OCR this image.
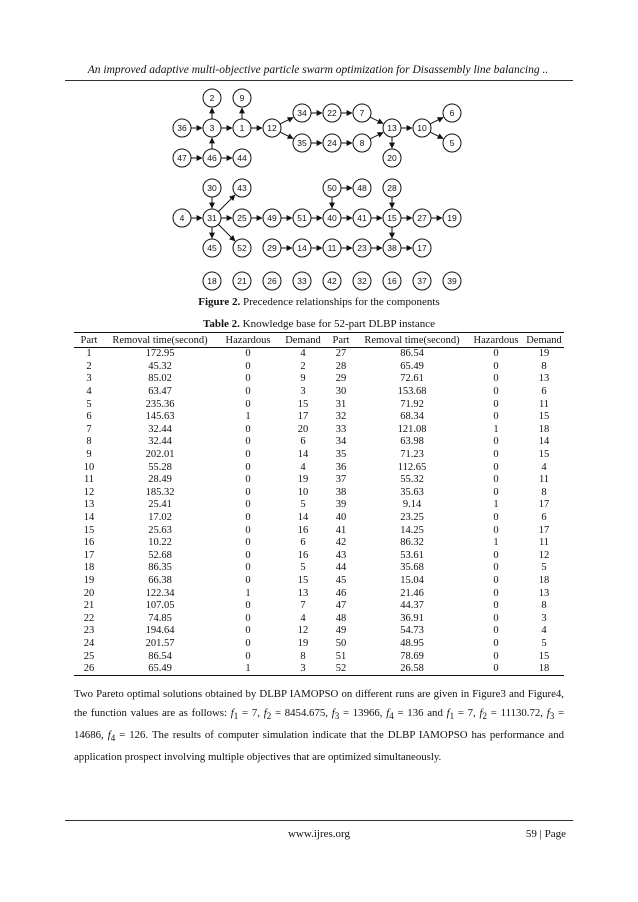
An improved adaptive multi-objective particle swarm optimization for Disassembly line balancing ..
2	9
36	3	1	12
34 22	7
35 24	8
13 10
6
5
20
47 46 44
30 43	50 48 28
4	31 25 49 51 40 41 15 27 19
45 52 29 14 11 23 38 17
18 21 26 33 42 32 16 37 39
Figure 2. Precedence relationships for the components
Table 2. Knowledge base for 52-part DLBP instance
Part	Removal time(second)	Hazardous	Demand	Part	Removal time(second)	Hazardous	Demand
1	172.95	0	4	27	86.54	0	19
2	45.32	0	2	28	65.49	0	8
3	85.02	0	9	29	72.61	0	13
4	63.47	0	3	30	153.68	0	6
5	235.36	0	15	31	71.92	0	11
6	145.63	1	17	32	68.34	0	15
7	32.44	0	20	33	121.08	1	18
8	32.44	0	6	34	63.98	0	14
9	202.01	0	14	35	71.23	0	15
10	55.28	0	4	36	112.65	0	4
11	28.49	0	19	37	55.32	0	11
12	185.32	0	10	38	35.63	0	8
13	25.41	0	5	39	9.14	1	17
14	17.02	0	14	40	23.25	0	6
15	25.63	0	16	41	14.25	0	17
16	10.22	0	6	42	86.32	1	11
17	52.68	0	16	43	53.61	0	12
18	86.35	0	5	44	35.68	0	5
19	66.38	0	15	45	15.04	0	18
20	122.34	1	13	46	21.46	0	13
21	107.05	0	7	47	44.37	0	8
22	74.85	0	4	48	36.91	0	3
23	194.64	0	12	49	54.73	0	4
24	201.57	0	19	50	48.95	0	5
25	86.54	0	8	51	78.69	0	15
26	65.49	1	3	52	26.58	0	18
Two Pareto optimal solutions obtained by DLBP IAMOPSO on different runs are given in Figure3 and Figure4, the function values are as follows: $f_1 = 7$, $f_2 = 8454.675$, $f_3 = 13966$, $f_4 = 136$ and $f_1 = 7$, $f_2 = 11130.72$, $f_3 = 14686$, $f_4 = 126$. The results of computer simulation indicate that the DLBP IAMOPSO has performance and application prospect involving multiple objectives that are optimized simultaneously.
www.ijres.org	59 | Page
